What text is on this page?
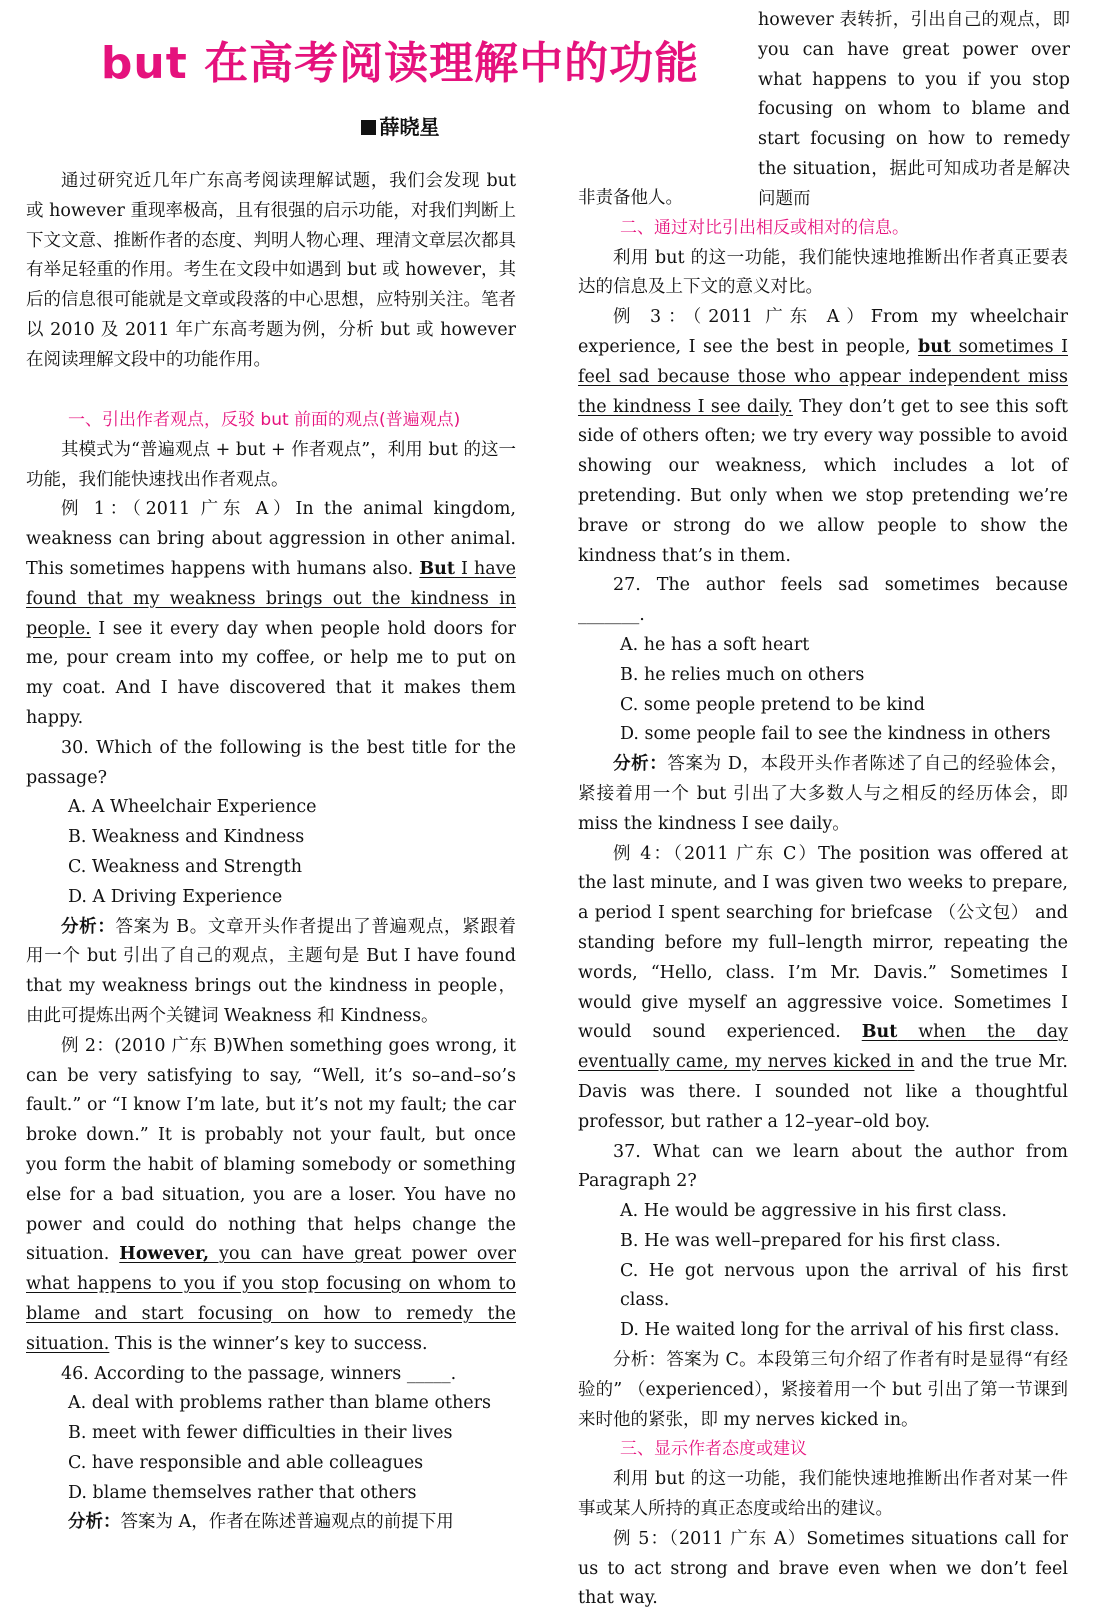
but 在高考阅读理解中的功能
薛晓星
however 表转折，引出自己的观点，即 you can have great power over what happens to you if you stop focusing on whom to blame and start focusing on how to remedy the situation，据此可知成功者是解决问题而

通过研究近几年广东高考阅读理解试题，我们会发现 but 或 however 重现率极高，且有很强的启示功能，对我们判断上下文文意、推断作者的态度、判明人物心理、理清文章层次都具有举足轻重的作用。考生在文段中如遇到 but 或 however，其后的信息很可能就是文章或段落的中心思想，应特别关注。笔者以 2010 及 2011 年广东高考题为例，分析 but 或 however 在阅读理解文段中的功能作用。

一、引出作者观点，反驳 but 前面的观点(普遍观点)

其模式为“普遍观点 + but + 作者观点”，利用 but 的这一功能，我们能快速找出作者观点。

例 1：（2011 广东 A）In the animal kingdom, weakness can bring about aggression in other animal. This sometimes happens with humans also. But I have found that my weakness brings out the kindness in people. I see it every day when people hold doors for me, pour cream into my coffee, or help me to put on my coat. And I have discovered that it makes them happy.

30. Which of the following is the best title for the passage?

A. A Wheelchair Experience

B. Weakness and Kindness

C. Weakness and Strength

D. A Driving Experience

分析：答案为 B。文章开头作者提出了普遍观点，紧跟着用一个 but 引出了自己的观点，主题句是 But I have found that my weakness brings out the kindness in people，由此可提炼出两个关键词 Weakness 和 Kindness。

例 2：(2010 广东 B)When something goes wrong, it can be very satisfying to say, “Well, it’s so–and–so’s fault.” or “I know I’m late, but it’s not my fault; the car broke down.” It is probably not your fault, but once you form the habit of blaming somebody or something else for a bad situation, you are a loser. You have no power and could do nothing that helps change the situation. However, you can have great power over what happens to you if you stop focusing on whom to blame and start focusing on how to remedy the situation. This is the winner’s key to success.

46. According to the passage, winners _____.

A. deal with problems rather than blame others

B. meet with fewer difficulties in their lives

C. have responsible and able colleagues

D. blame themselves rather that others

分析：答案为 A，作者在陈述普遍观点的前提下用

非责备他人。

二、通过对比引出相反或相对的信息。

利用 but 的这一功能，我们能快速地推断出作者真正要表达的信息及上下文的意义对比。

例 3：（2011 广东 A）From my wheelchair experience, I see the best in people, but sometimes I feel sad because those who appear independent miss the kindness I see daily. They don’t get to see this soft side of others often; we try every way possible to avoid showing our weakness, which includes a lot of pretending. But only when we stop pretending we’re brave or strong do we allow people to show the kindness that’s in them.

27. The author feels sad sometimes because _______.

A. he has a soft heart

B. he relies much on others

C. some people pretend to be kind

D. some people fail to see the kindness in others

分析：答案为 D，本段开头作者陈述了自己的经验体会，紧接着用一个 but 引出了大多数人与之相反的经历体会，即 miss the kindness I see daily。

例 4：（2011 广东 C）The position was offered at the last minute, and I was given two weeks to prepare, a period I spent searching for briefcase （公文包） and standing before my full–length mirror, repeating the words, “Hello, class. I’m Mr. Davis.” Sometimes I would give myself an aggressive voice. Sometimes I would sound experienced. But when the day eventually came, my nerves kicked in and the true Mr. Davis was there. I sounded not like a thoughtful professor, but rather a 12–year–old boy.

37. What can we learn about the author from Paragraph 2?

A. He would be aggressive in his first class.

B. He was well–prepared for his first class.

C. He got nervous upon the arrival of his first class.

D. He waited long for the arrival of his first class.

分析：答案为 C。本段第三句介绍了作者有时是显得“有经验的” （experienced），紧接着用一个 but 引出了第一节课到来时他的紧张，即 my nerves kicked in。

三、显示作者态度或建议

利用 but 的这一功能，我们能快速地推断出作者对某一件事或某人所持的真正态度或给出的建议。

例 5：（2011 广东 A）Sometimes situations call for us to act strong and brave even when we don’t feel that way.
